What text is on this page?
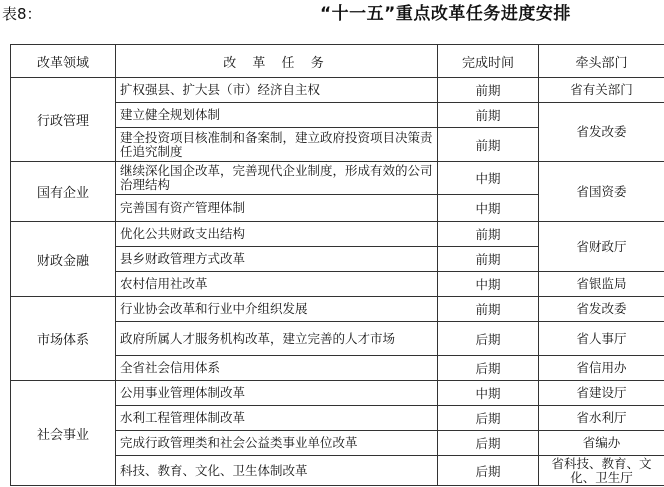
表8：	“十一五”重点改革任务进度安排
改革领域	改 革 任 务	完成时间	牵头部门
行政管理	扩权强县、扩大县（市）经济自主权	前期	省有关部门
	建立健全规划体制	前期	省发改委
	建全投资项目核准制和备案制，建立政府投资项目决策责任追究制度	前期	
国有企业	继续深化国企改革，完善现代企业制度，形成有效的公司治理结构	中期	省国资委
	完善国有资产管理体制	中期	
财政金融	优化公共财政支出结构	前期	省财政厅
	县乡财政管理方式改革	前期	
	农村信用社改革	中期	省银监局
市场体系	行业协会改革和行业中介组织发展	前期	省发改委
	政府所属人才服务机构改革，建立完善的人才市场	后期	省人事厅
	全省社会信用体系	后期	省信用办
社会事业	公用事业管理体制改革	中期	省建设厅
	水利工程管理体制改革	后期	省水利厅
	完成行政管理类和社会公益类事业单位改革	后期	省编办
	科技、教育、文化、卫生体制改革	后期	省科技、教育、文化、卫生厅
